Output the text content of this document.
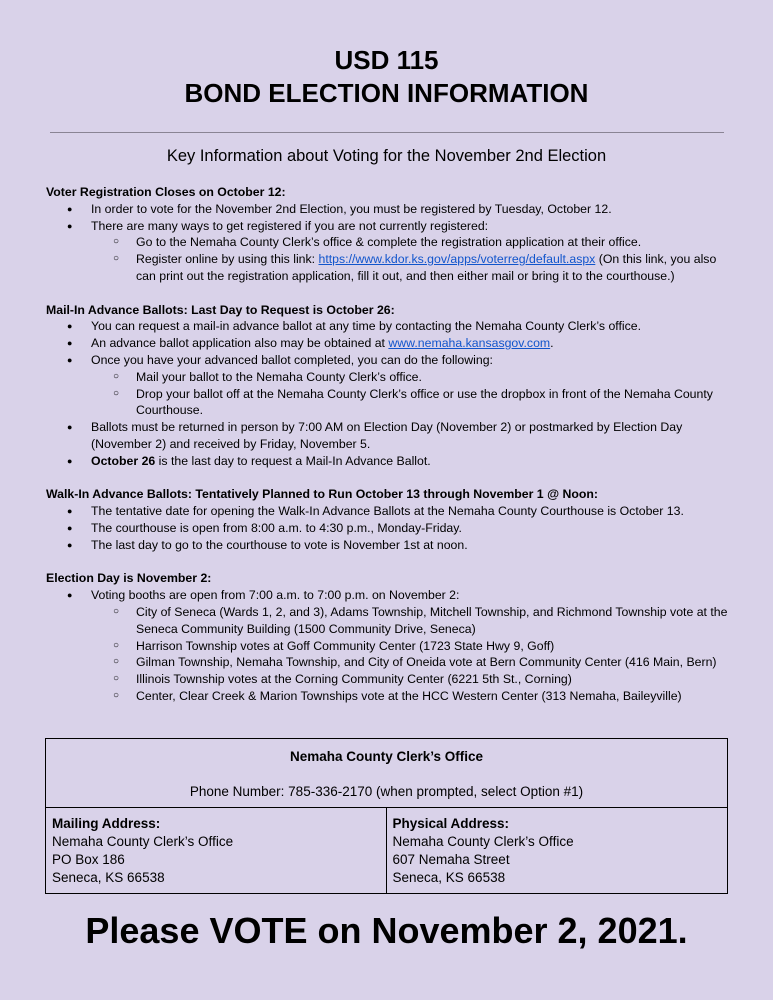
USD 115
BOND ELECTION INFORMATION
Key Information about Voting for the November 2nd Election
Voter Registration Closes on October 12:
● In order to vote for the November 2nd Election, you must be registered by Tuesday, October 12.
● There are many ways to get registered if you are not currently registered:
○ Go to the Nemaha County Clerk’s office & complete the registration application at their office.
○ Register online by using this link: https://www.kdor.ks.gov/apps/voterreg/default.aspx (On this link, you also can print out the registration application, fill it out, and then either mail or bring it to the courthouse.)
Mail-In Advance Ballots: Last Day to Request is October 26:
● You can request a mail-in advance ballot at any time by contacting the Nemaha County Clerk’s office.
● An advance ballot application also may be obtained at www.nemaha.kansasgov.com.
● Once you have your advanced ballot completed, you can do the following:
○ Mail your ballot to the Nemaha County Clerk’s office.
○ Drop your ballot off at the Nemaha County Clerk’s office or use the dropbox in front of the Nemaha County Courthouse.
● Ballots must be returned in person by 7:00 AM on Election Day (November 2) or postmarked by Election Day (November 2) and received by Friday, November 5.
● October 26 is the last day to request a Mail-In Advance Ballot.
Walk-In Advance Ballots: Tentatively Planned to Run October 13 through November 1 @ Noon:
● The tentative date for opening the Walk-In Advance Ballots at the Nemaha County Courthouse is October 13.
● The courthouse is open from 8:00 a.m. to 4:30 p.m., Monday-Friday.
● The last day to go to the courthouse to vote is November 1st at noon.
Election Day is November 2:
● Voting booths are open from 7:00 a.m. to 7:00 p.m. on November 2:
○ City of Seneca (Wards 1, 2, and 3), Adams Township, Mitchell Township, and Richmond Township vote at the Seneca Community Building (1500 Community Drive, Seneca)
○ Harrison Township votes at Goff Community Center (1723 State Hwy 9, Goff)
○ Gilman Township, Nemaha Township, and City of Oneida vote at Bern Community Center (416 Main, Bern)
○ Illinois Township votes at the Corning Community Center (6221 5th St., Corning)
○ Center, Clear Creek & Marion Townships vote at the HCC Western Center (313 Nemaha, Baileyville)
Nemaha County Clerk’s Office
Phone Number: 785-336-2170 (when prompted, select Option #1)
Mailing Address:
Nemaha County Clerk’s Office
PO Box 186
Seneca, KS 66538
Physical Address:
Nemaha County Clerk’s Office
607 Nemaha Street
Seneca, KS 66538
Please VOTE on November 2, 2021.
